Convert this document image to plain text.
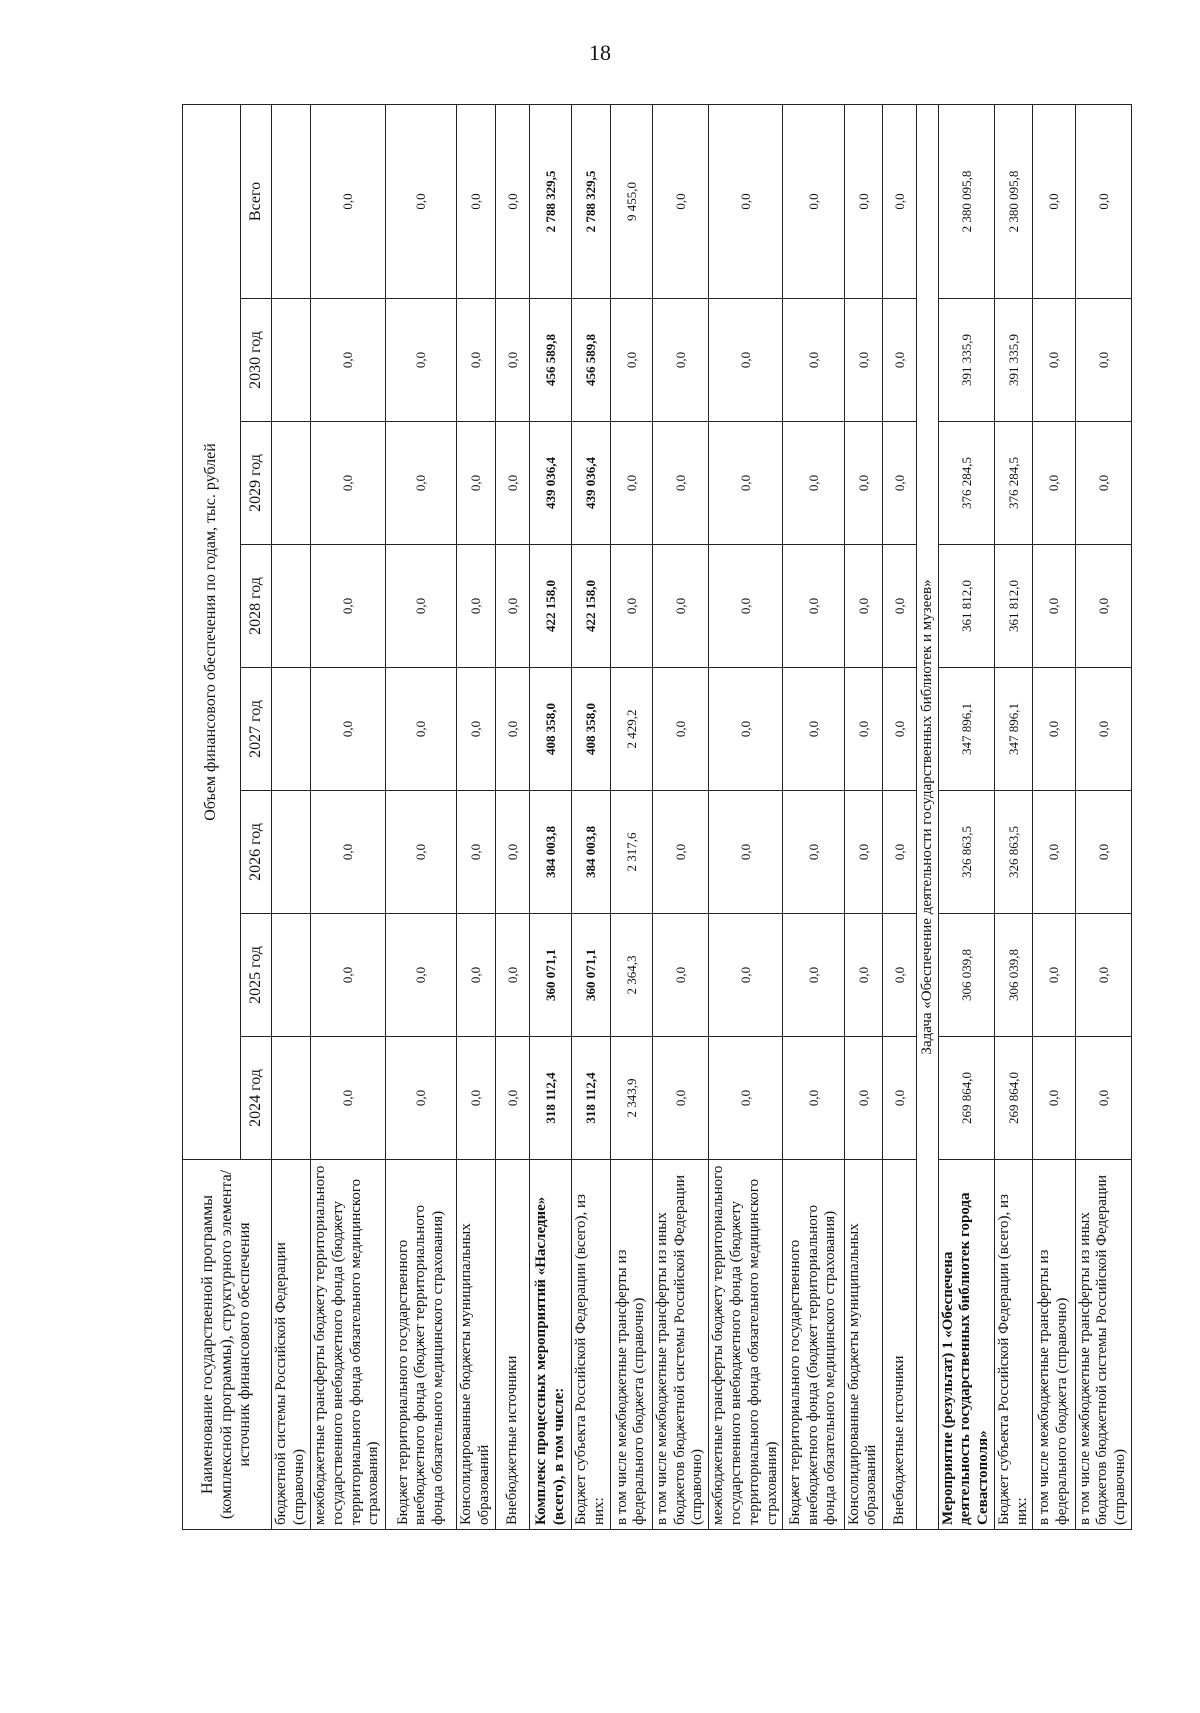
18
Наименование государственной программы (комплексной программы), структурного элемента/источник финансового обеспечения	Объем финансового обеспечения по годам, тыс. рублей							
	2024 год	2025 год	2026 год	2027 год	2028 год	2029 год	2030 год	Всего
бюджетной системы Российской Федерации (справочно)								
межбюджетные трансферты бюджету территориального государственного внебюджетного фонда (бюджету территориального фонда обязательного медицинского страхования)	0,0	0,0	0,0	0,0	0,0	0,0	0,0	0,0
Бюджет территориального государственного внебюджетного фонда (бюджет территориального фонда обязательного медицинского страхования)	0,0	0,0	0,0	0,0	0,0	0,0	0,0	0,0
Консолидированные бюджеты муниципальных образований	0,0	0,0	0,0	0,0	0,0	0,0	0,0	0,0
Внебюджетные источники	0,0	0,0	0,0	0,0	0,0	0,0	0,0	0,0
Комплекс процессных мероприятий «Наследие» (всего), в том числе:	318 112,4	360 071,1	384 003,8	408 358,0	422 158,0	439 036,4	456 589,8	2 788 329,5
Бюджет субъекта Российской Федерации (всего), из них:	318 112,4	360 071,1	384 003,8	408 358,0	422 158,0	439 036,4	456 589,8	2 788 329,5
в том числе межбюджетные трансферты из федерального бюджета (справочно)	2 343,9	2 364,3	2 317,6	2 429,2	0,0	0,0	0,0	9 455,0
в том числе межбюджетные трансферты из иных бюджетов бюджетной системы Российской Федерации (справочно)	0,0	0,0	0,0	0,0	0,0	0,0	0,0	0,0
межбюджетные трансферты бюджету территориального государственного внебюджетного фонда (бюджету территориального фонда обязательного медицинского страхования)	0,0	0,0	0,0	0,0	0,0	0,0	0,0	0,0
Бюджет территориального государственного внебюджетного фонда (бюджет территориального фонда обязательного медицинского страхования)	0,0	0,0	0,0	0,0	0,0	0,0	0,0	0,0
Консолидированные бюджеты муниципальных образований	0,0	0,0	0,0	0,0	0,0	0,0	0,0	0,0
Внебюджетные источники	0,0	0,0	0,0	0,0	0,0	0,0	0,0	0,0
Задача «Обеспечение деятельности государственных библиотек и музеев»								
Мероприятие (результат) 1 «Обеспечена деятельность государственных библиотек города Севастополя»	269 864,0	306 039,8	326 863,5	347 896,1	361 812,0	376 284,5	391 335,9	2 380 095,8
Бюджет субъекта Российской Федерации (всего), из них:	269 864,0	306 039,8	326 863,5	347 896,1	361 812,0	376 284,5	391 335,9	2 380 095,8
в том числе межбюджетные трансферты из федерального бюджета (справочно)	0,0	0,0	0,0	0,0	0,0	0,0	0,0	0,0
в том числе межбюджетные трансферты из иных бюджетов бюджетной системы Российской Федерации (справочно)	0,0	0,0	0,0	0,0	0,0	0,0	0,0	0,0
